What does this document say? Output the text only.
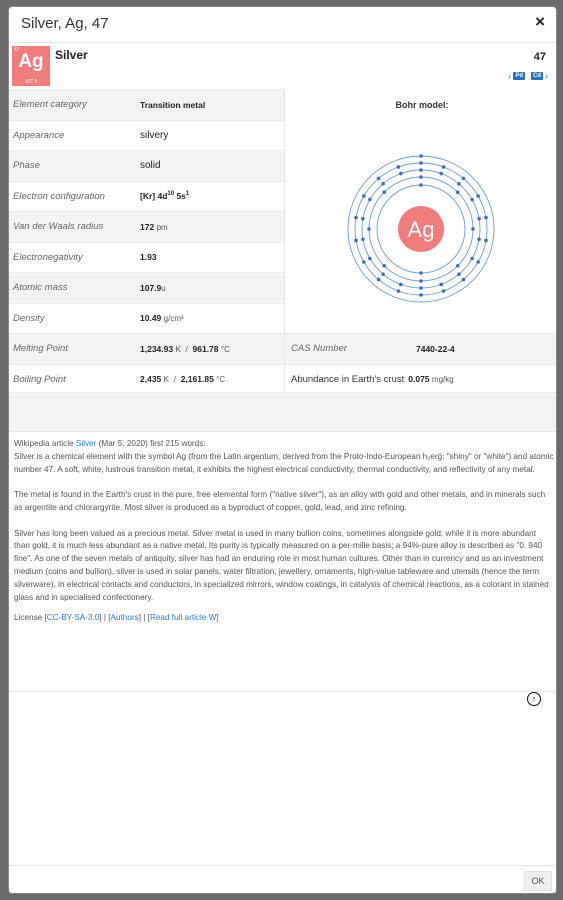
Silver, Ag, 47	×
47
Ag
107.9
Silver	47
‹ Pd	Cd ›
Element category	Transition metal
Appearance	silvery
Phase	solid
Electron configuration	[Kr] $4d^{10}$ $5s^1$
Van der Waals radius	172 pm
Electronegativity	1.93
Atomic mass	107.9u
Density	10.49 g/cm³
Melting Point	1,234.93 K / 961.78 °C
Boiling Point	2,435 K / 2,161.85 °C
Bohr model:
Ag
CAS Number	7440-22-4
Abundance in Earth's crust 0.075 mg/kg

Wikipedia article Silver (Mar 5, 2020) first 215 words:

Silver is a chemical element with the symbol Ag (from the Latin argentum, derived from the Proto-Indo-European h₂erǵ: "shiny" or "white") and atomic number 47. A soft, white, lustrous transition metal, it exhibits the highest electrical conductivity, thermal conductivity, and reflectivity of any metal.

The metal is found in the Earth's crust in the pure, free elemental form ("native silver"), as an alloy with gold and other metals, and in minerals such as argentite and chlorargyrite. Most silver is produced as a byproduct of copper, gold, lead, and zinc refining.

Silver has long been valued as a precious metal. Silver metal is used in many bullion coins, sometimes alongside gold: while it is more abundant than gold, it is much less abundant as a native metal. Its purity is typically measured on a per-mille basis; a 94%-pure alloy is described as "0. 940 fine". As one of the seven metals of antiquity, silver has had an enduring role in most human cultures. Other than in currency and as an investment medium (coins and bullion), silver is used in solar panels, water filtration, jewellery, ornaments, high-value tableware and utensils (hence the term silverware), in electrical contacts and conductors, in specialized mirrors, window coatings, in catalysis of chemical reactions, as a colorant in stained glass and in specialised confectionery.

License [CC-BY-SA-3.0] | [Authors] | [Read full article W]

↑
OK
